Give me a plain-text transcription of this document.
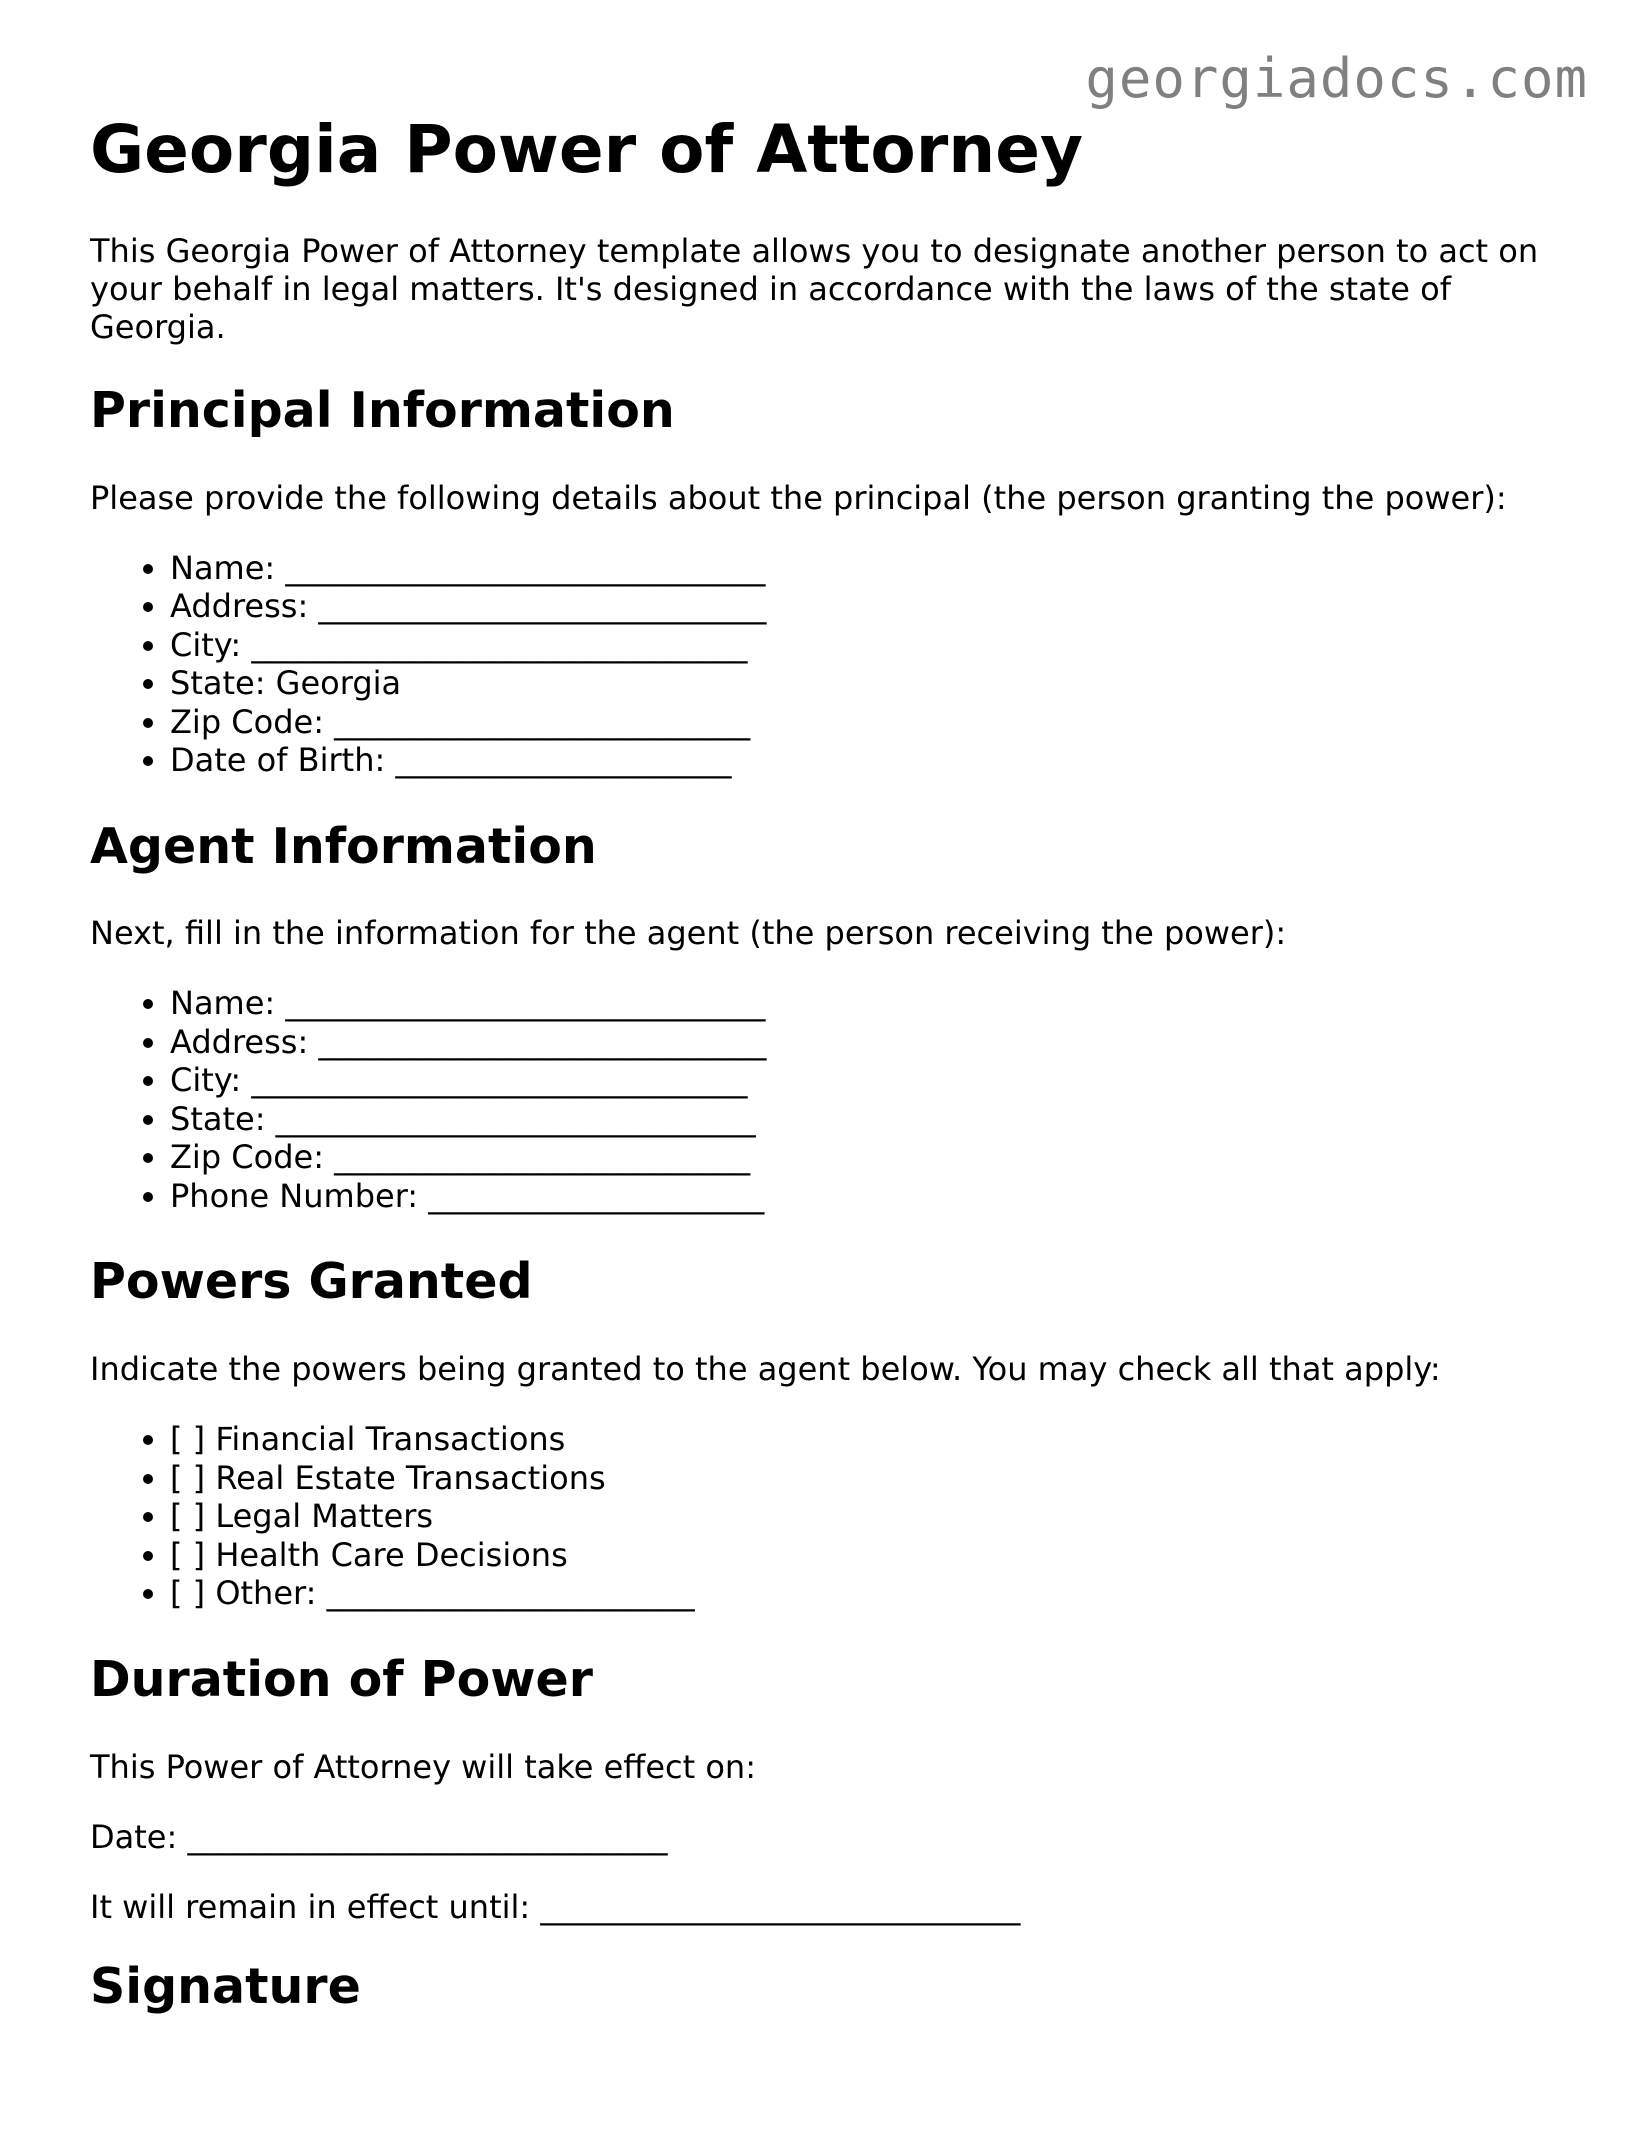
georgiadocs.com
Georgia Power of Attorney

This Georgia Power of Attorney template allows you to designate another person to act on your behalf in legal matters. It's designed in accordance with the laws of the state of Georgia.

Principal Information

Please provide the following details about the principal (the person granting the power):

• Name: ______________________________
• Address: ____________________________
• City: _______________________________
• State: Georgia
• Zip Code: __________________________
• Date of Birth: _____________________
Agent Information

Next, fill in the information for the agent (the person receiving the power):

• Name: ______________________________
• Address: ____________________________
• City: _______________________________
• State: ______________________________
• Zip Code: __________________________
• Phone Number: _____________________
Powers Granted

Indicate the powers being granted to the agent below. You may check all that apply:

• [ ] Financial Transactions
• [ ] Real Estate Transactions
• [ ] Legal Matters
• [ ] Health Care Decisions
• [ ] Other: _______________________
Duration of Power

This Power of Attorney will take effect on:

Date: ______________________________

It will remain in effect until: ______________________________

Signature
